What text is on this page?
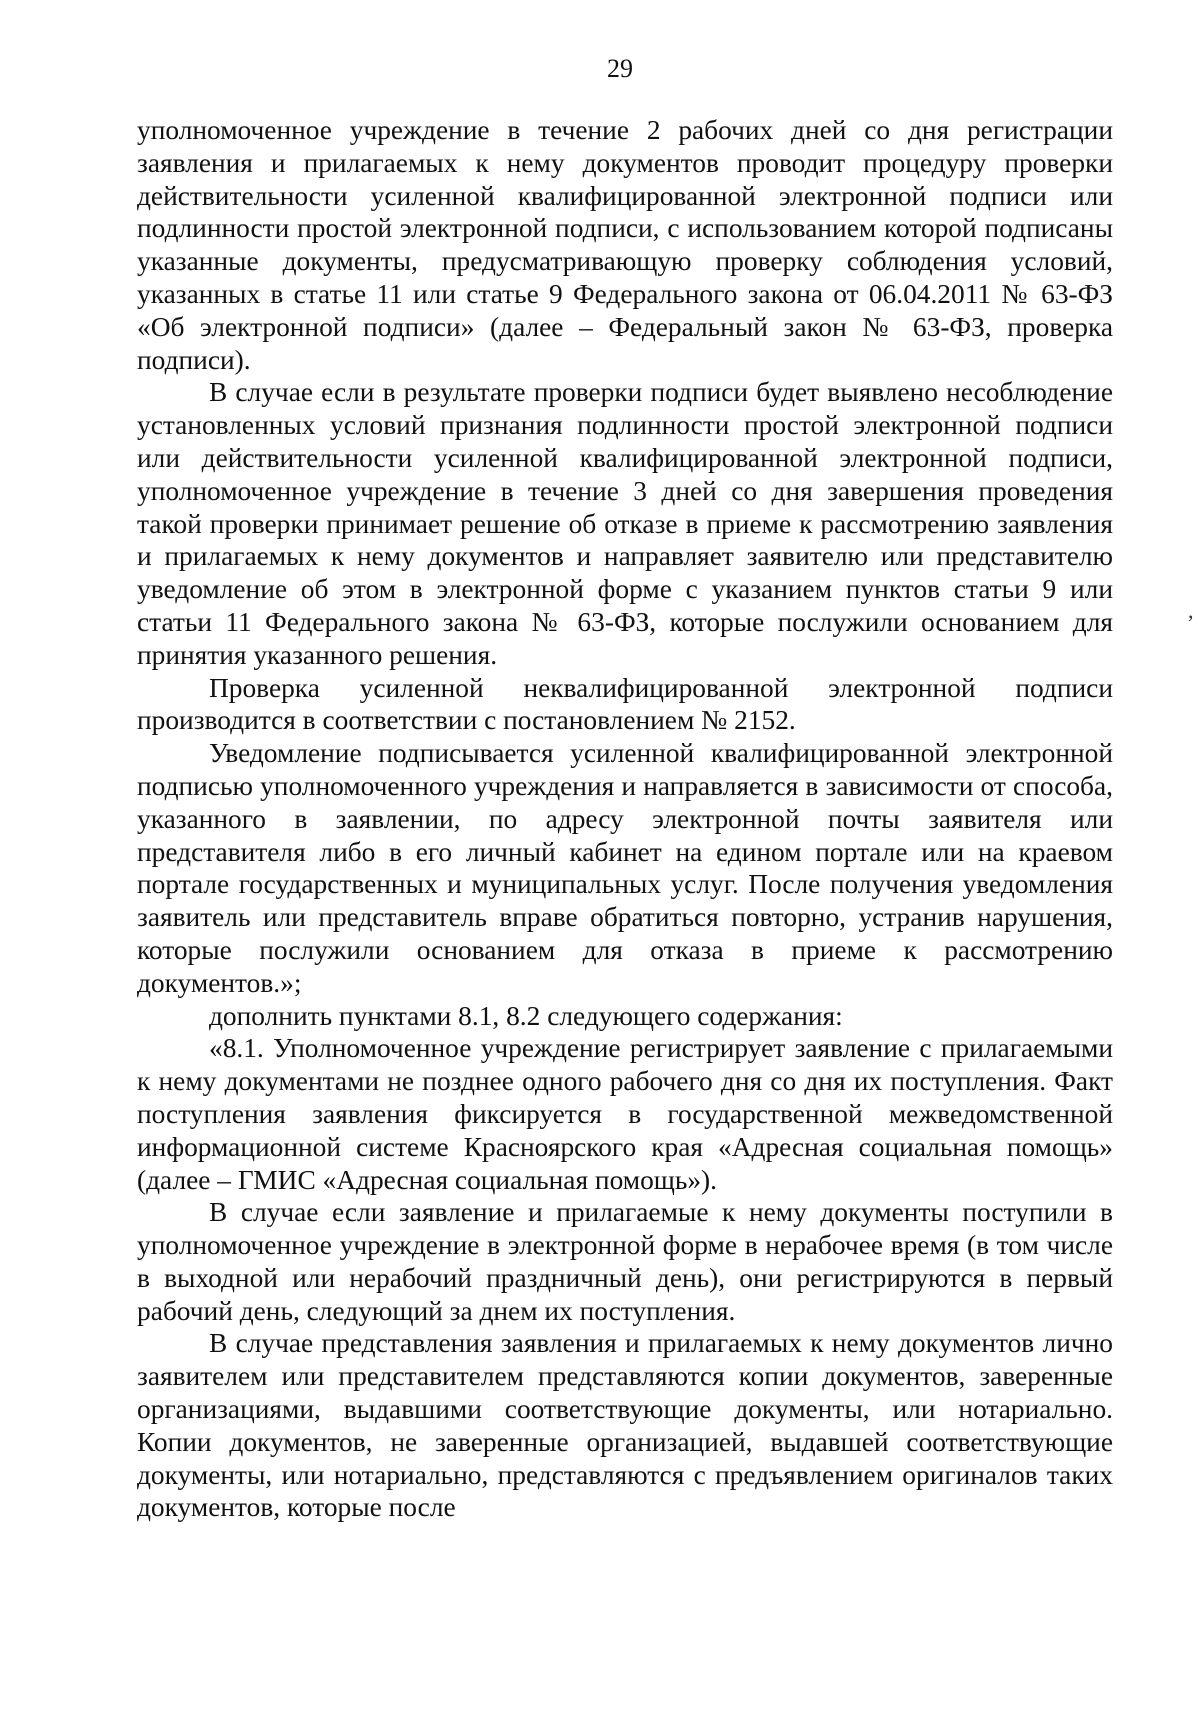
29

уполномоченное учреждение в течение 2 рабочих дней со дня регистрации заявления и прилагаемых к нему документов проводит процедуру проверки действительности усиленной квалифицированной электронной подписи или подлинности простой электронной подписи, с использованием которой подписаны указанные документы, предусматривающую проверку соблюдения условий, указанных в статье 11 или статье 9 Федерального закона от 06.04.2011 № 63-ФЗ «Об электронной подписи» (далее – Федеральный закон № 63-ФЗ, проверка подписи).

В случае если в результате проверки подписи будет выявлено несоблюдение установленных условий признания подлинности простой электронной подписи или действительности усиленной квалифицированной электронной подписи, уполномоченное учреждение в течение 3 дней со дня завершения проведения такой проверки принимает решение об отказе в приеме к рассмотрению заявления и прилагаемых к нему документов и направляет заявителю или представителю уведомление об этом в электронной форме с указанием пунктов статьи 9 или статьи 11 Федерального закона № 63-ФЗ, которые послужили основанием для принятия указанного решения.

Проверка усиленной неквалифицированной электронной подписи производится в соответствии с постановлением № 2152.

Уведомление подписывается усиленной квалифицированной электронной подписью уполномоченного учреждения и направляется в зависимости от способа, указанного в заявлении, по адресу электронной почты заявителя или представителя либо в его личный кабинет на едином портале или на краевом портале государственных и муниципальных услуг. После получения уведомления заявитель или представитель вправе обратиться повторно, устранив нарушения, которые послужили основанием для отказа в приеме к рассмотрению документов.»;

дополнить пунктами 8.1, 8.2 следующего содержания:

«8.1. Уполномоченное учреждение регистрирует заявление с прилагаемыми к нему документами не позднее одного рабочего дня со дня их поступления. Факт поступления заявления фиксируется в государственной межведомственной информационной системе Красноярского края «Адресная социальная помощь» (далее – ГМИС «Адресная социальная помощь»).

В случае если заявление и прилагаемые к нему документы поступили в уполномоченное учреждение в электронной форме в нерабочее время (в том числе в выходной или нерабочий праздничный день), они регистрируются в первый рабочий день, следующий за днем их поступления.

В случае представления заявления и прилагаемых к нему документов лично заявителем или представителем представляются копии документов, заверенные организациями, выдавшими соответствующие документы, или нотариально. Копии документов, не заверенные организацией, выдавшей соответствующие документы, или нотариально, представляются с предъявлением оригиналов таких документов, которые после

,
